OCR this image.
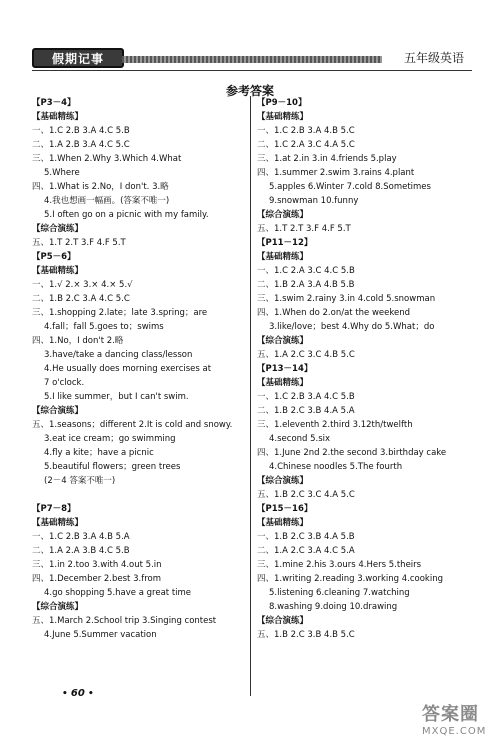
假期记事	五年级英语
参考答案
【P3－4】
【基础精练】
一、1.C 2.B 3.A 4.C 5.B
二、1.A 2.B 3.A 4.C 5.C
三、1.When 2.Why 3.Which 4.What
5.Where
四、1.What is 2.No，I don't. 3.略
4.我也想画一幅画。(答案不唯一)
5.I often go on a picnic with my family.
【综合演练】
五、1.T 2.T 3.F 4.F 5.T
【P5－6】
【基础精练】
一、1.√ 2.× 3.× 4.× 5.√
二、1.B 2.C 3.A 4.C 5.C
三、1.shopping 2.late；late 3.spring；are
4.fall；fall 5.goes to；swims
四、1.No，I don't 2.略
3.have/take a dancing class/lesson
4.He usually does morning exercises at
7 o'clock.
5.I like summer，but I can't swim.
【综合演练】
五、1.seasons；different 2.It is cold and snowy.
3.eat ice cream；go swimming
4.fly a kite；have a picnic
5.beautiful flowers；green trees
(2－4 答案不唯一)
【P7－8】
【基础精练】
一、1.C 2.B 3.A 4.B 5.A
二、1.A 2.A 3.B 4.C 5.B
三、1.in 2.too 3.with 4.out 5.in
四、1.December 2.best 3.from
4.go shopping 5.have a great time
【综合演练】
五、1.March 2.School trip 3.Singing contest
4.June 5.Summer vacation
【P9－10】
【基础精练】
一、1.C 2.B 3.A 4.B 5.C
二、1.C 2.A 3.C 4.A 5.C
三、1.at 2.in 3.in 4.friends 5.play
四、1.summer 2.swim 3.rains 4.plant
5.apples 6.Winter 7.cold 8.Sometimes
9.snowman 10.funny
【综合演练】
五、1.T 2.T 3.F 4.F 5.T
【P11－12】
【基础精练】
一、1.C 2.A 3.C 4.C 5.B
二、1.B 2.A 3.A 4.B 5.B
三、1.swim 2.rainy 3.in 4.cold 5.snowman
四、1.When do 2.on/at the weekend
3.like/love；best 4.Why do 5.What；do
【综合演练】
五、1.A 2.C 3.C 4.B 5.C
【P13－14】
【基础精练】
一、1.C 2.B 3.A 4.C 5.B
二、1.B 2.C 3.B 4.A 5.A
三、1.eleventh 2.third 3.12th/twelfth
4.second 5.six
四、1.June 2nd 2.the second 3.birthday cake
4.Chinese noodles 5.The fourth
【综合演练】
五、1.B 2.C 3.C 4.A 5.C
【P15－16】
【基础精练】
一、1.B 2.C 3.B 4.A 5.B
二、1.A 2.C 3.A 4.C 5.A
三、1.mine 2.his 3.ours 4.Hers 5.theirs
四、1.writing 2.reading 3.working 4.cooking
5.listening 6.cleaning 7.watching
8.washing 9.doing 10.drawing
【综合演练】
五、1.B 2.C 3.B 4.B 5.C
• 60 •
答案圈
MXQE.COM
